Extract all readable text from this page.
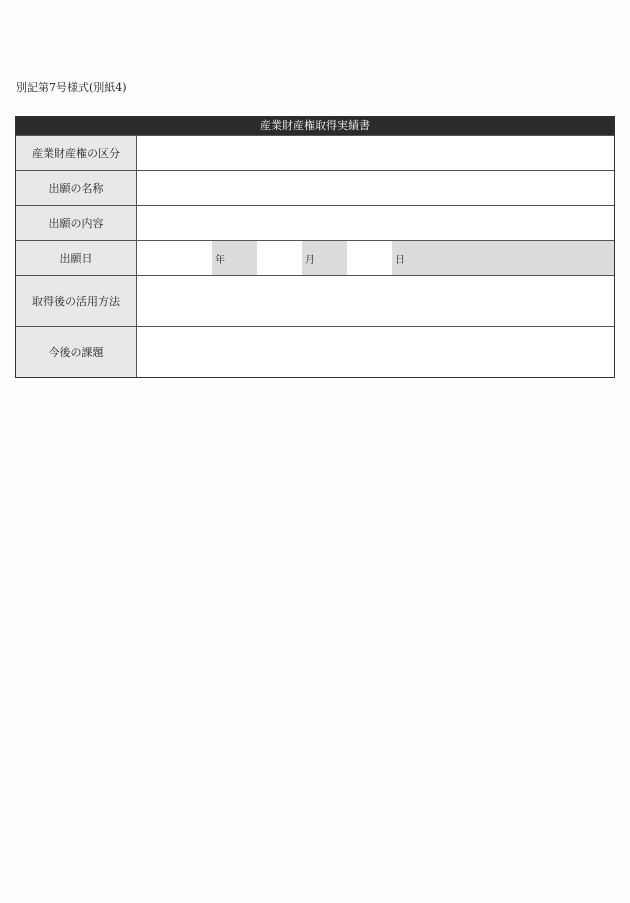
別記第7号様式(別紙4)
産業財産権取得実績書
産業財産権の区分
出願の名称
出願の内容
出願日	年	月	日
取得後の活用方法
今後の課題
